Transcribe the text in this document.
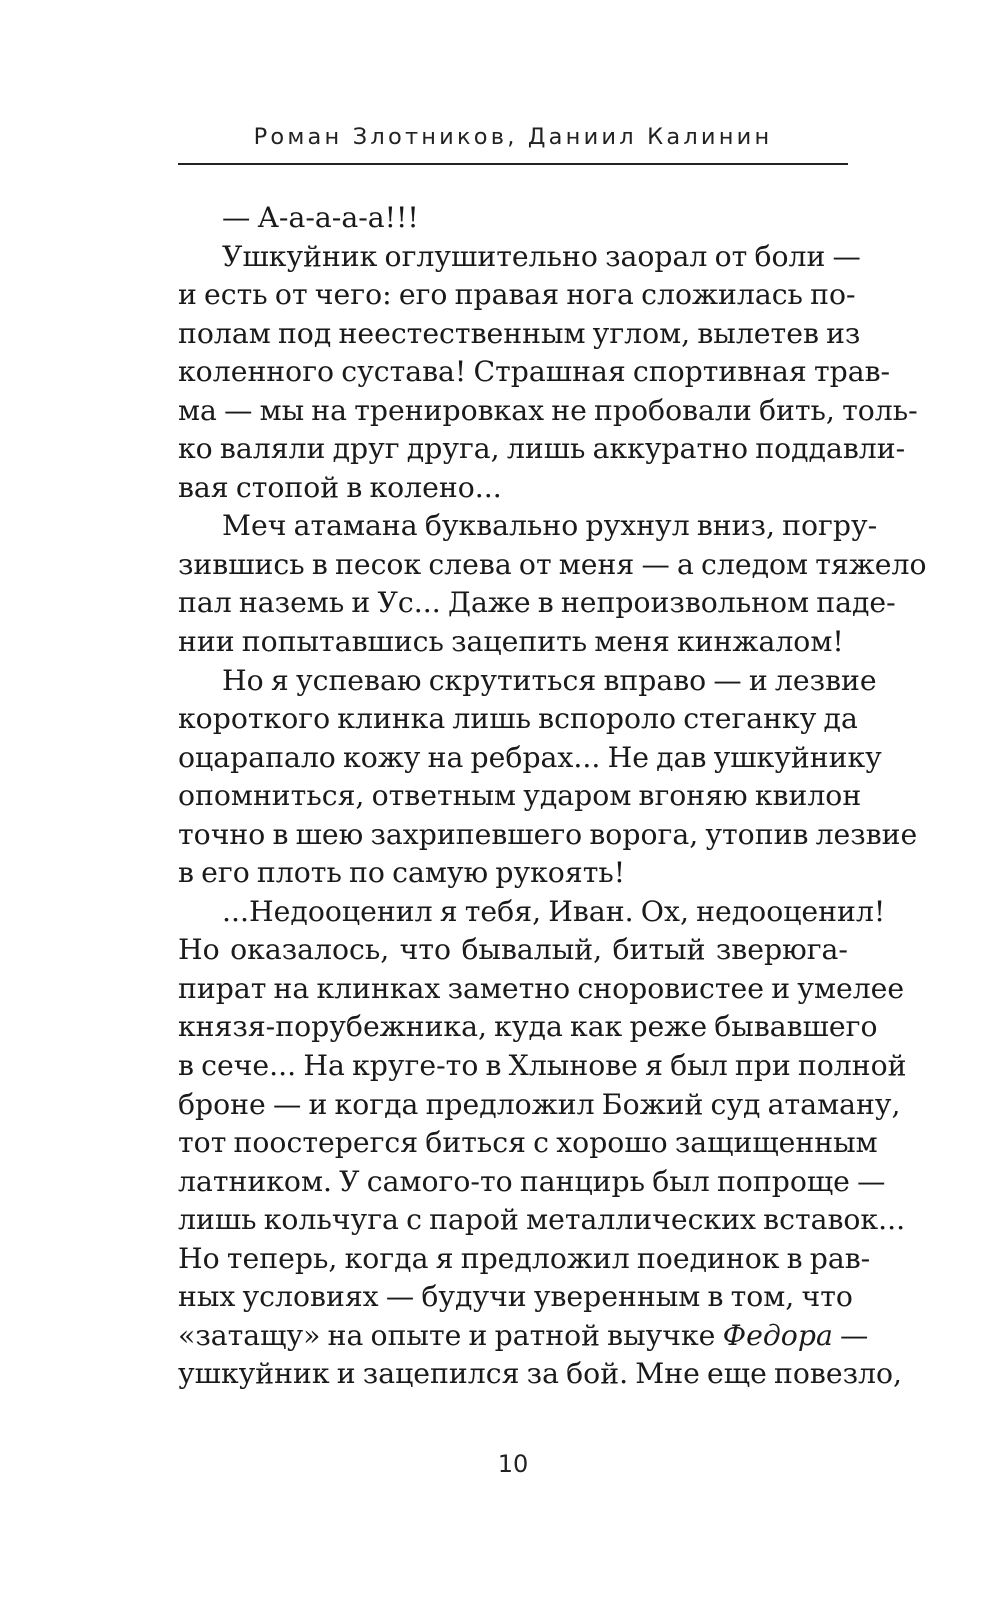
Роман Злотников, Даниил Калинин
— А-а-а-а-а!!!
Ушкуйник оглушительно заорал от боли —
и есть от чего: его правая нога сложилась по-
полам под неестественным углом, вылетев из
коленного сустава! Страшная спортивная трав-
ма — мы на тренировках не пробовали бить, толь-
ко валяли друг друга, лишь аккуратно поддавли-
вая стопой в колено...
Меч атамана буквально рухнул вниз, погру-
зившись в песок слева от меня — а следом тяжело
пал наземь и Ус... Даже в непроизвольном паде-
нии попытавшись зацепить меня кинжалом!
Но я успеваю скрутиться вправо — и лезвие
короткого клинка лишь вспороло стеганку да
оцарапало кожу на ребрах... Не дав ушкуйнику
опомниться, ответным ударом вгоняю квилон
точно в шею захрипевшего ворога, утопив лезвие
в его плоть по самую рукоять!
...Недооценил я тебя, Иван. Ох, недооценил!
Но оказалось, что бывалый, битый зверюга-
пират на клинках заметно сноровистее и умелее
князя-порубежника, куда как реже бывавшего
в сече... На круге-то в Хлынове я был при полной
броне — и когда предложил Божий суд атаману,
тот поостерегся биться с хорошо защищенным
латником. У самого-то панцирь был попроще —
лишь кольчуга с парой металлических вставок...
Но теперь, когда я предложил поединок в рав-
ных условиях — будучи уверенным в том, что
«затащу» на опыте и ратной выучке Федора —
ушкуйник и зацепился за бой. Мне еще повезло,
10
